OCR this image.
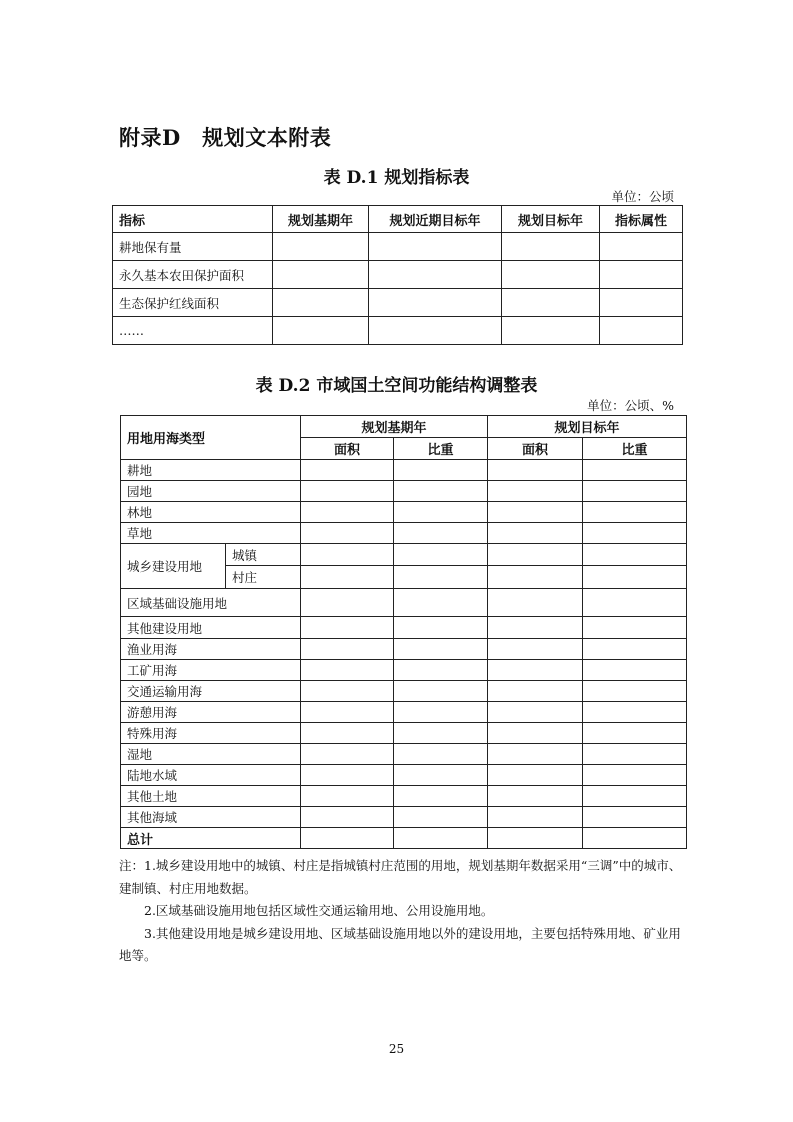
附录D　规划文本附表
表 D.1 规划指标表
单位：公顷
指标	规划基期年	规划近期目标年	规划目标年	指标属性
耕地保有量				
永久基本农田保护面积				
生态保护红线面积				
……				
表 D.2 市域国土空间功能结构调整表
单位：公顷、%
用地用海类型		规划基期年		规划目标年	
		面积	比重	面积	比重
耕地					
园地					
林地					
草地					
城乡建设用地	城镇				
	村庄				
区域基础设施用地					
其他建设用地					
渔业用海					
工矿用海					
交通运输用海					
游憩用海					
特殊用海					
湿地					
陆地水域					
其他土地					
其他海域					
总计					

注：1.城乡建设用地中的城镇、村庄是指城镇村庄范围的用地，规划基期年数据采用“三调”中的城市、建制镇、村庄用地数据。

2.区域基础设施用地包括区域性交通运输用地、公用设施用地。

3.其他建设用地是城乡建设用地、区域基础设施用地以外的建设用地，主要包括特殊用地、矿业用地等。

25
